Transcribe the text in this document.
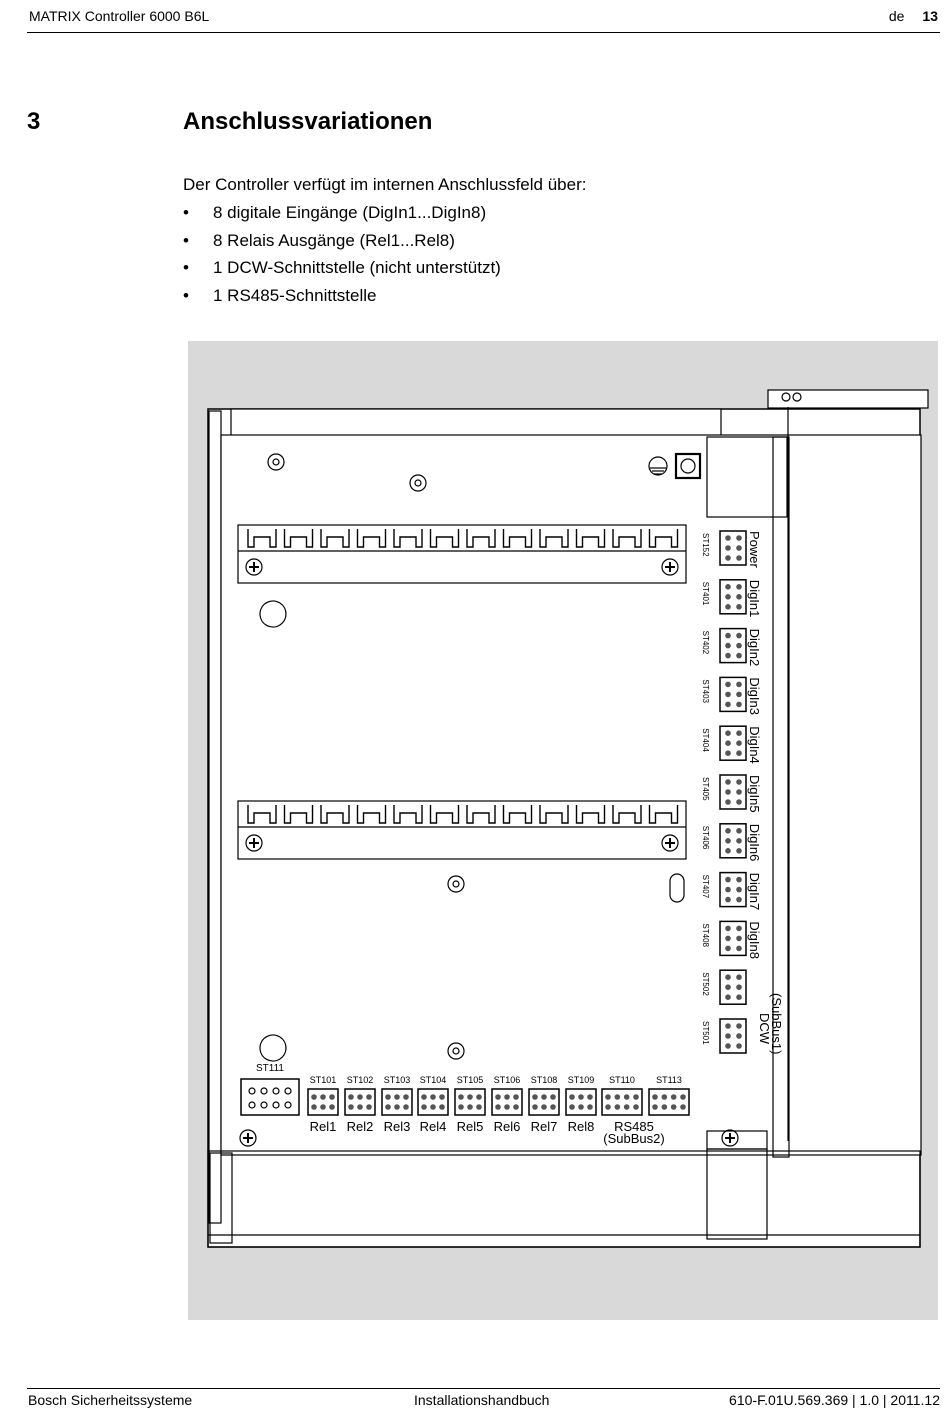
MATRIX Controller 6000 B6L	de 13
3	Anschlussvariationen
Der Controller verfügt im internen Anschlussfeld über:
• 8 digitale Eingänge (DigIn1...DigIn8)
• 8 Relais Ausgänge (Rel1...Rel8)
• 1 DCW-Schnittstelle (nicht unterstützt)
• 1 RS485-Schnittstelle
ST152	Power
ST401	DigIn1
ST402	DigIn2
ST403	DigIn3
ST404	DigIn4
ST405	DigIn5
ST406	DigIn6
ST407	DigIn7
ST408	DigIn8
ST502
ST501
ST101
Rel1
ST102
Rel2
ST103
Rel3
ST104
Rel4
ST105
Rel5
ST106
Rel6
ST108
Rel7
ST109
Rel8
ST110 ST113
ST111
RS485
(SubBus2)
DCW
(SubBus1)
Bosch Sicherheitssysteme	Installationshandbuch	610-F.01U.569.369 | 1.0 | 2011.12
